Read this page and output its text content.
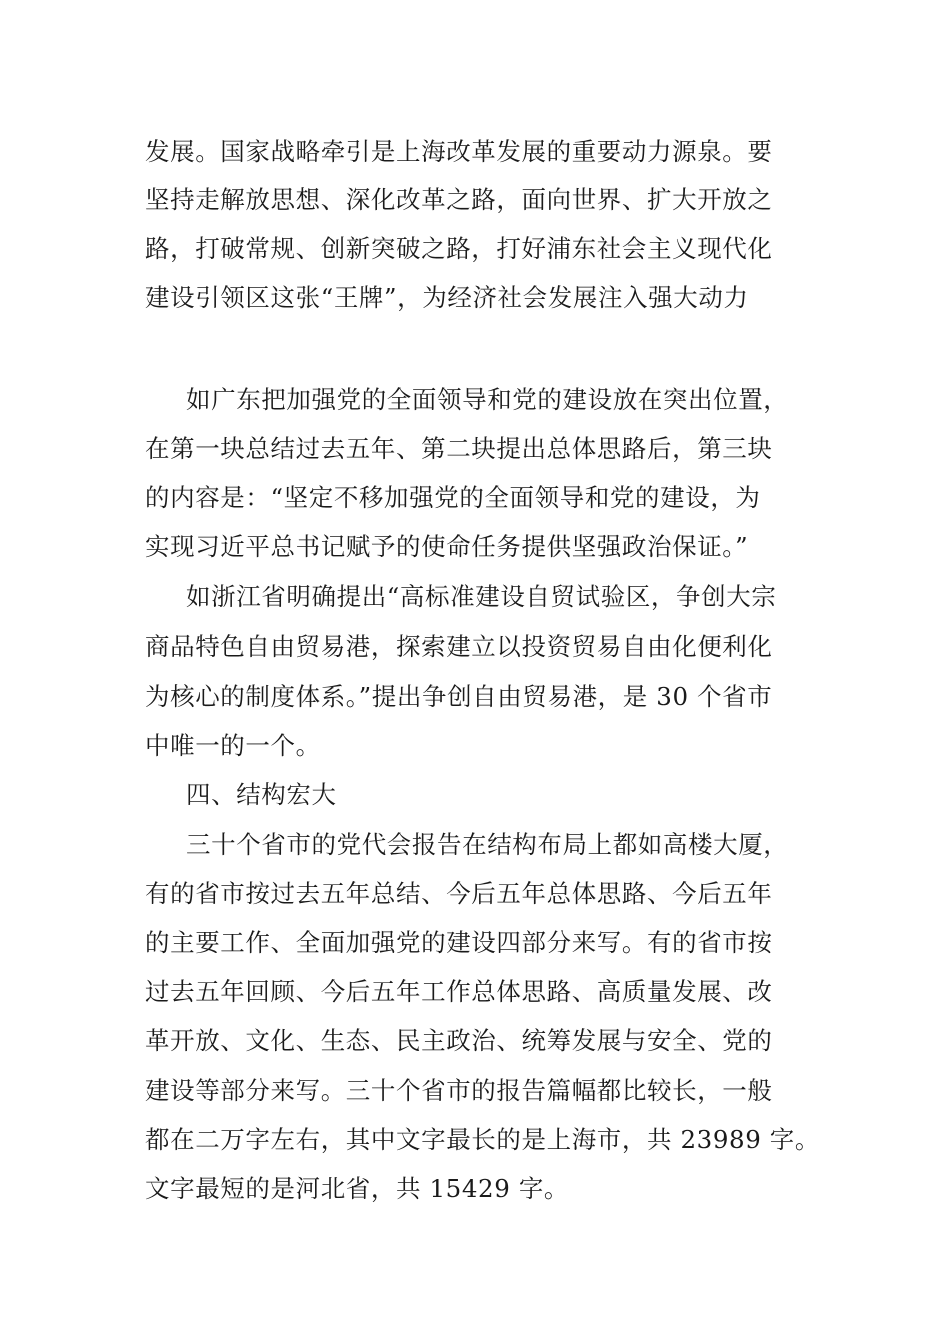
发展。国家战略牵引是上海改革发展的重要动力源泉。要
坚持走解放思想、深化改革之路，面向世界、扩大开放之
路，打破常规、创新突破之路，打好浦东社会主义现代化
建设引领区这张“王牌”，为经济社会发展注入强大动力
如广东把加强党的全面领导和党的建设放在突出位置，
在第一块总结过去五年、第二块提出总体思路后，第三块
的内容是：“坚定不移加强党的全面领导和党的建设，为
实现习近平总书记赋予的使命任务提供坚强政治保证。”
如浙江省明确提出“高标准建设自贸试验区，争创大宗
商品特色自由贸易港，探索建立以投资贸易自由化便利化
为核心的制度体系。”提出争创自由贸易港，是 30 个省市
中唯一的一个。
四、结构宏大
三十个省市的党代会报告在结构布局上都如高楼大厦，
有的省市按过去五年总结、今后五年总体思路、今后五年
的主要工作、全面加强党的建设四部分来写。有的省市按
过去五年回顾、今后五年工作总体思路、高质量发展、改
革开放、文化、生态、民主政治、统筹发展与安全、党的
建设等部分来写。三十个省市的报告篇幅都比较长，一般
都在二万字左右，其中文字最长的是上海市，共 23989 字。
文字最短的是河北省，共 15429 字。
